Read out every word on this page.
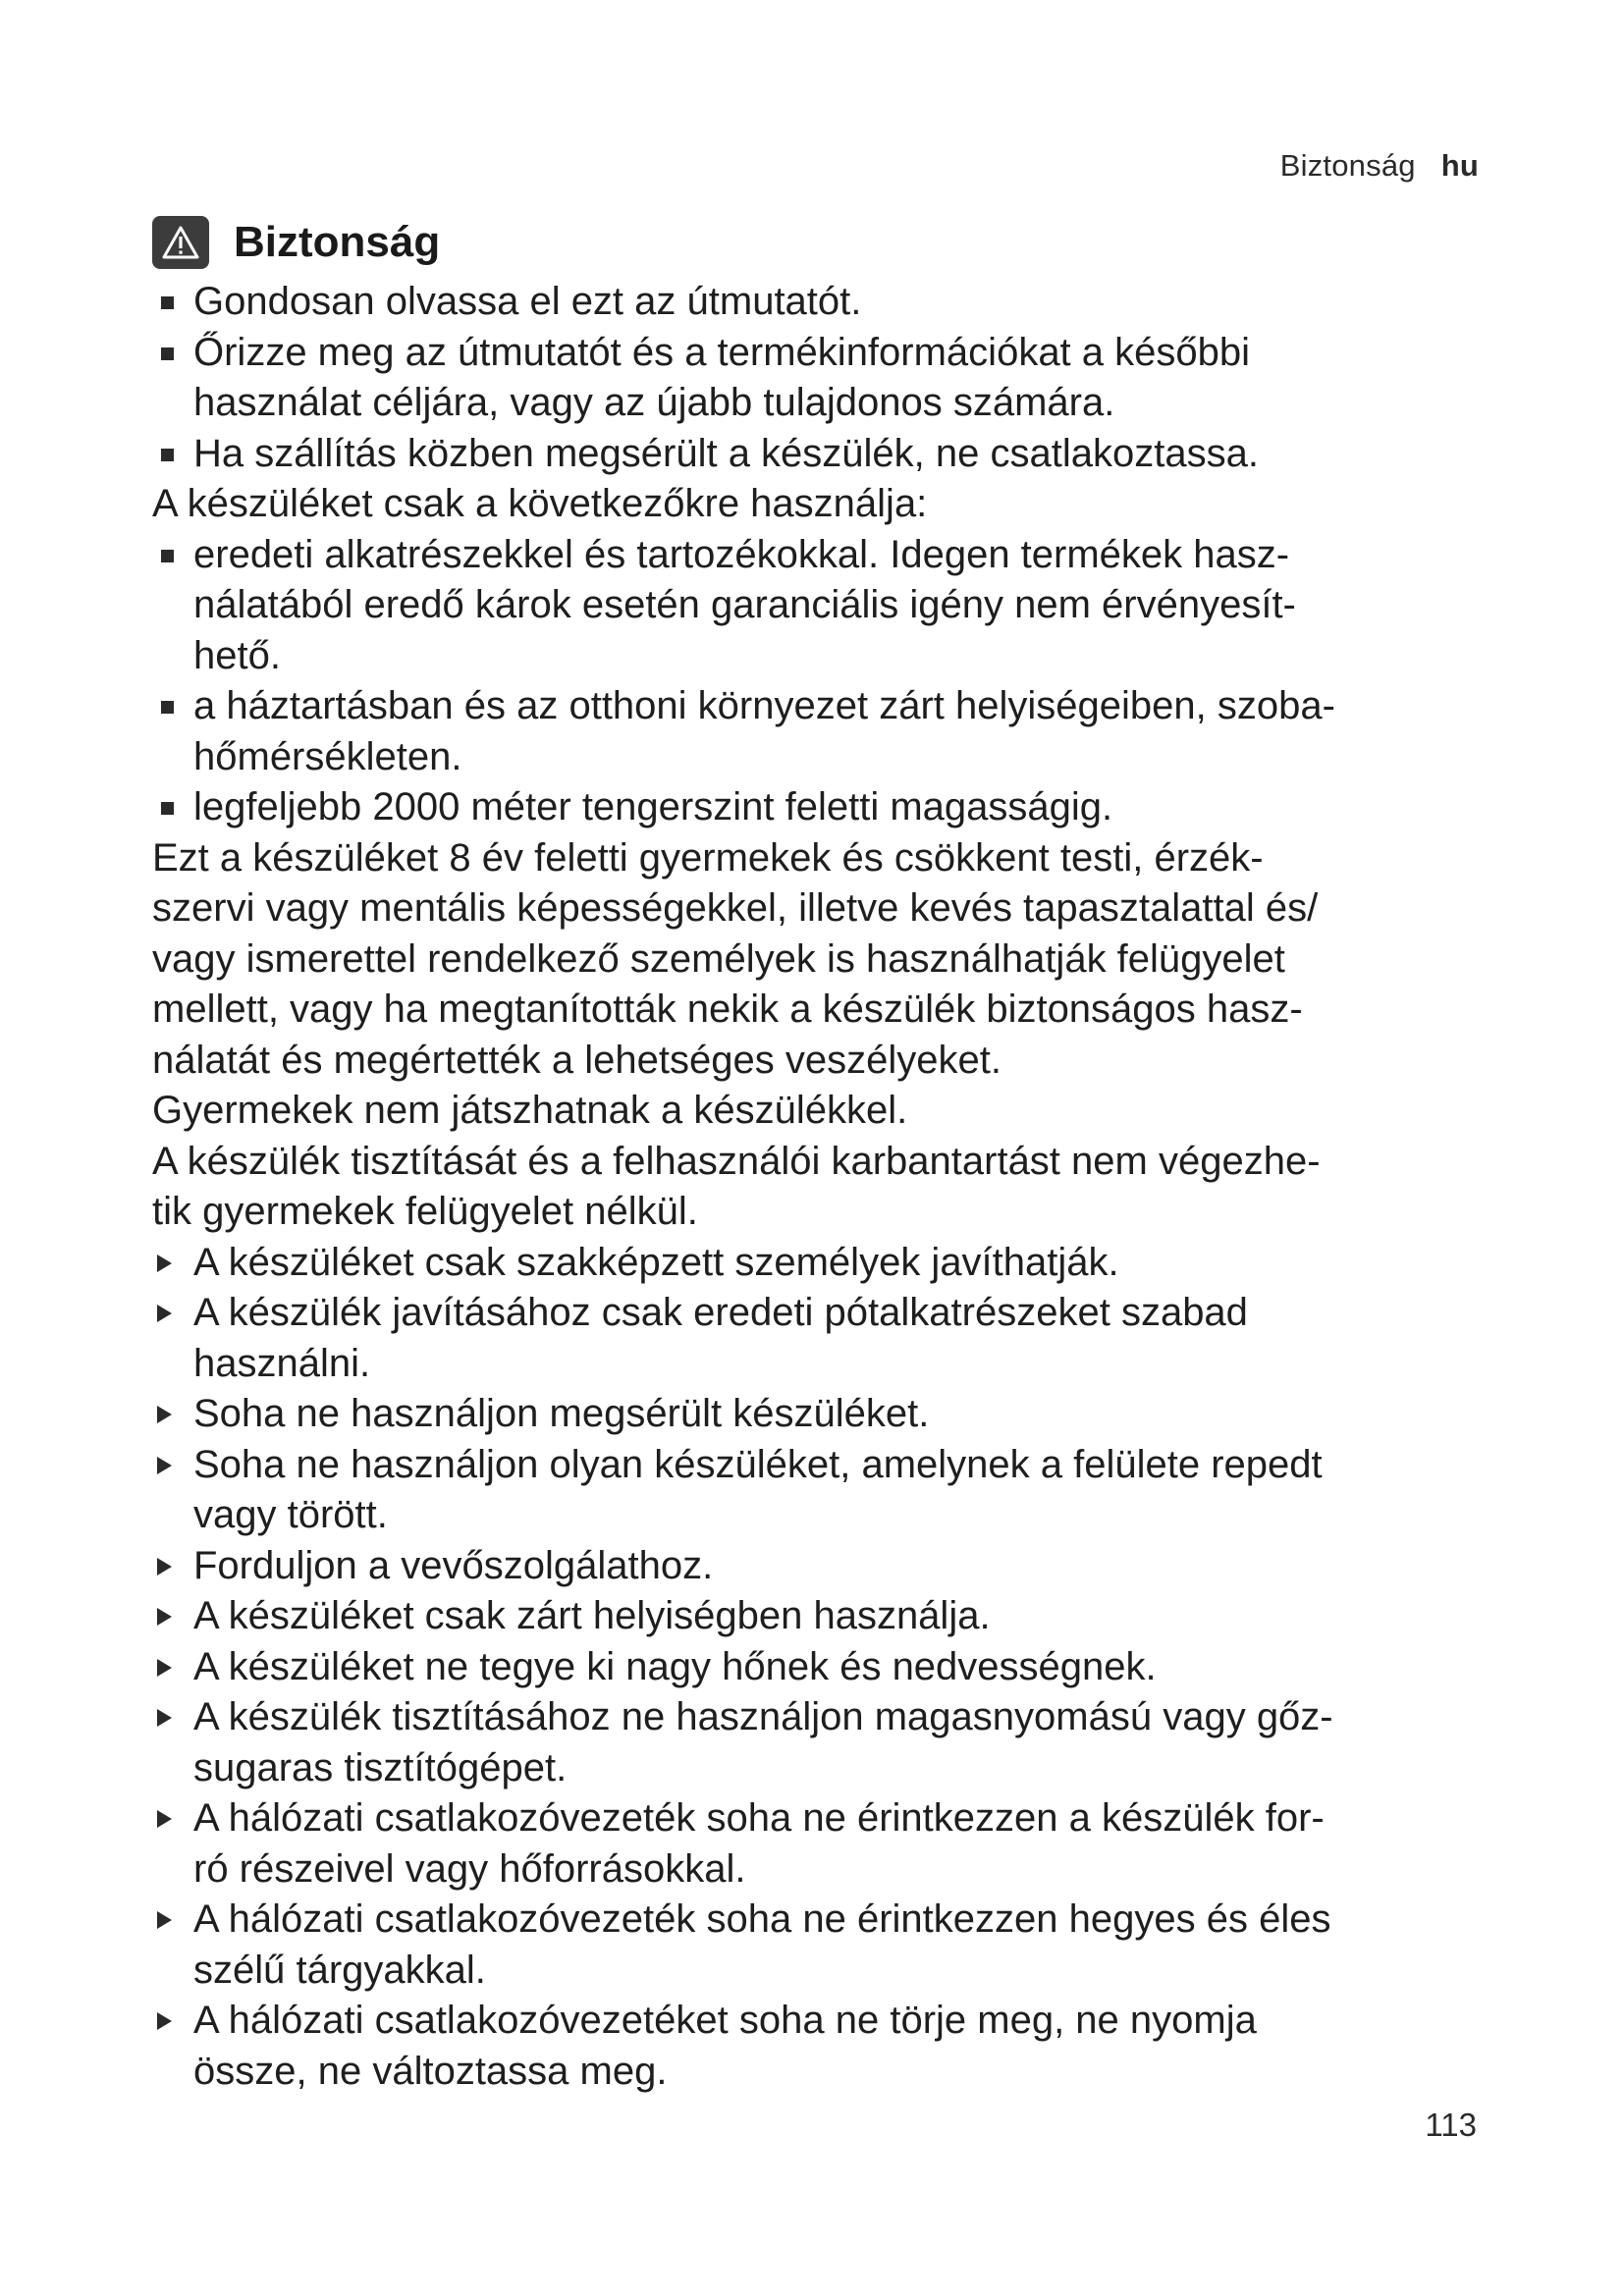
Biztonság hu
Biztonság
Gondosan olvassa el ezt az útmutatót.
Őrizze meg az útmutatót és a termékinformációkat a későbbi
használat céljára, vagy az újabb tulajdonos számára.
Ha szállítás közben megsérült a készülék, ne csatlakoztassa.

A készüléket csak a következőkre használja:

eredeti alkatrészekkel és tartozékokkal. Idegen termékek hasz-
nálatából eredő károk esetén garanciális igény nem érvényesít-
hető.
a háztartásban és az otthoni környezet zárt helyiségeiben, szoba-
hőmérsékleten.
legfeljebb 2000 méter tengerszint feletti magasságig.
Ezt a készüléket 8 év feletti gyermekek és csökkent testi, érzék-
szervi vagy mentális képességekkel, illetve kevés tapasztalattal és/
vagy ismerettel rendelkező személyek is használhatják felügyelet
mellett, vagy ha megtanították nekik a készülék biztonságos hasz-
nálatát és megértették a lehetséges veszélyeket.
Gyermekek nem játszhatnak a készülékkel.
A készülék tisztítását és a felhasználói karbantartást nem végezhe-
tik gyermekek felügyelet nélkül.
A készüléket csak szakképzett személyek javíthatják.
A készülék javításához csak eredeti pótalkatrészeket szabad
használni.
Soha ne használjon megsérült készüléket.
Soha ne használjon olyan készüléket, amelynek a felülete repedt
vagy törött.
Forduljon a vevőszolgálathoz.
A készüléket csak zárt helyiségben használja.
A készüléket ne tegye ki nagy hőnek és nedvességnek.
A készülék tisztításához ne használjon magasnyomású vagy gőz-
sugaras tisztítógépet.
A hálózati csatlakozóvezeték soha ne érintkezzen a készülék for-
ró részeivel vagy hőforrásokkal.
A hálózati csatlakozóvezeték soha ne érintkezzen hegyes és éles
szélű tárgyakkal.
A hálózati csatlakozóvezetéket soha ne törje meg, ne nyomja
össze, ne változtassa meg.
113
